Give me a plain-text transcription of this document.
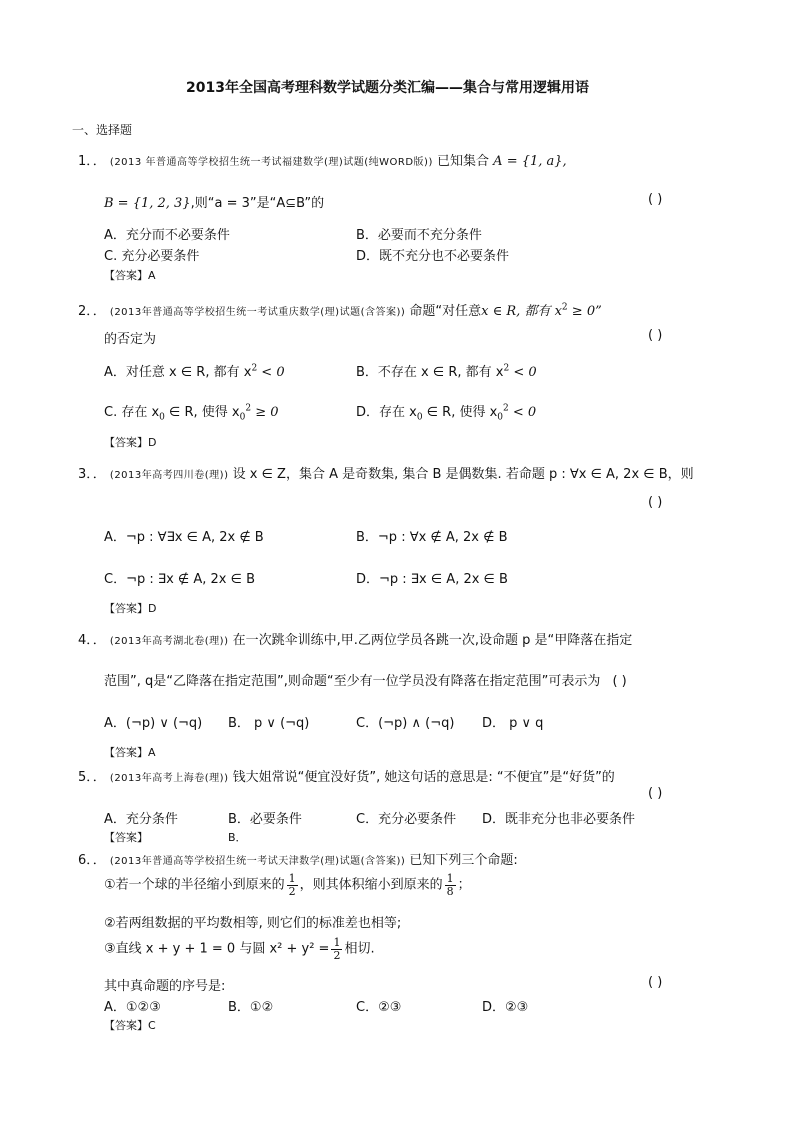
2013年全国高考理科数学试题分类汇编——集合与常用逻辑用语
一、选择题
1．． (2013 年普通高等学校招生统一考试福建数学(理)试题(纯WORD版)) 已知集合 A = {1, a},
B = {1, 2, 3},则“a = 3”是“A⊆B”的	( )
A．充分而不必要条件	B．必要而不充分条件
C. 充分必要条件	D．既不充分也不必要条件
【答案】A
2．． (2013年普通高等学校招生统一考试重庆数学(理)试题(含答案)) 命题“对任意x ∈ R, 都有 $x^2 \ge 0$”
的否定为	( )
A．对任意 x ∈ R, 都有 $x^2 < 0$	B．不存在 x ∈ R, 都有 $x^2 < 0$
C. 存在 $x_0$ ∈ R, 使得 $x_0^2 \ge 0$	D．存在 $x_0$ ∈ R, 使得 $x_0^2 < 0$
【答案】D
3．． (2013年高考四川卷(理)) 设 x ∈ Z，集合 A 是奇数集, 集合 B 是偶数集. 若命题 p : ∀x ∈ A, 2x ∈ B，则
( )
A．¬p : ∀∃x ∈ A, 2x ∉ B	B．¬p : ∀x ∉ A, 2x ∉ B
C．¬p : ∃x ∉ A, 2x ∈ B	D．¬p : ∃x ∈ A, 2x ∈ B
【答案】D
4．． (2013年高考湖北卷(理)) 在一次跳伞训练中,甲.乙两位学员各跳一次,设命题 p 是“甲降落在指定
范围”, q是“乙降落在指定范围”,则命题“至少有一位学员没有降落在指定范围”可表示为 ( )
A．(¬p) ∨ (¬q) B． p ∨ (¬q)	C．(¬p) ∧ (¬q) D． p ∨ q
【答案】A
5．． (2013年高考上海卷(理)) 钱大姐常说“便宜没好货”, 她这句话的意思是: “不便宜”是“好货”的
( )
A．充分条件	B．必要条件	C．充分必要条件 D．既非充分也非必要条件
【答案】	B．
6．． (2013年普通高等学校招生统一考试天津数学(理)试题(含答案)) 已知下列三个命题:
①若一个球的半径缩小到原来的 $\frac{1}{2}$ ，则其体积缩小到原来的 $\frac{1}{8}$ ；
②若两组数据的平均数相等, 则它们的标准差也相等;
③直线 x + y + 1 = 0 与圆 $x^2 + y^2 = \frac{1}{2}$ 相切.
其中真命题的序号是:	( )
A．①②③	B．①②	C．②③	D．②③
【答案】C
